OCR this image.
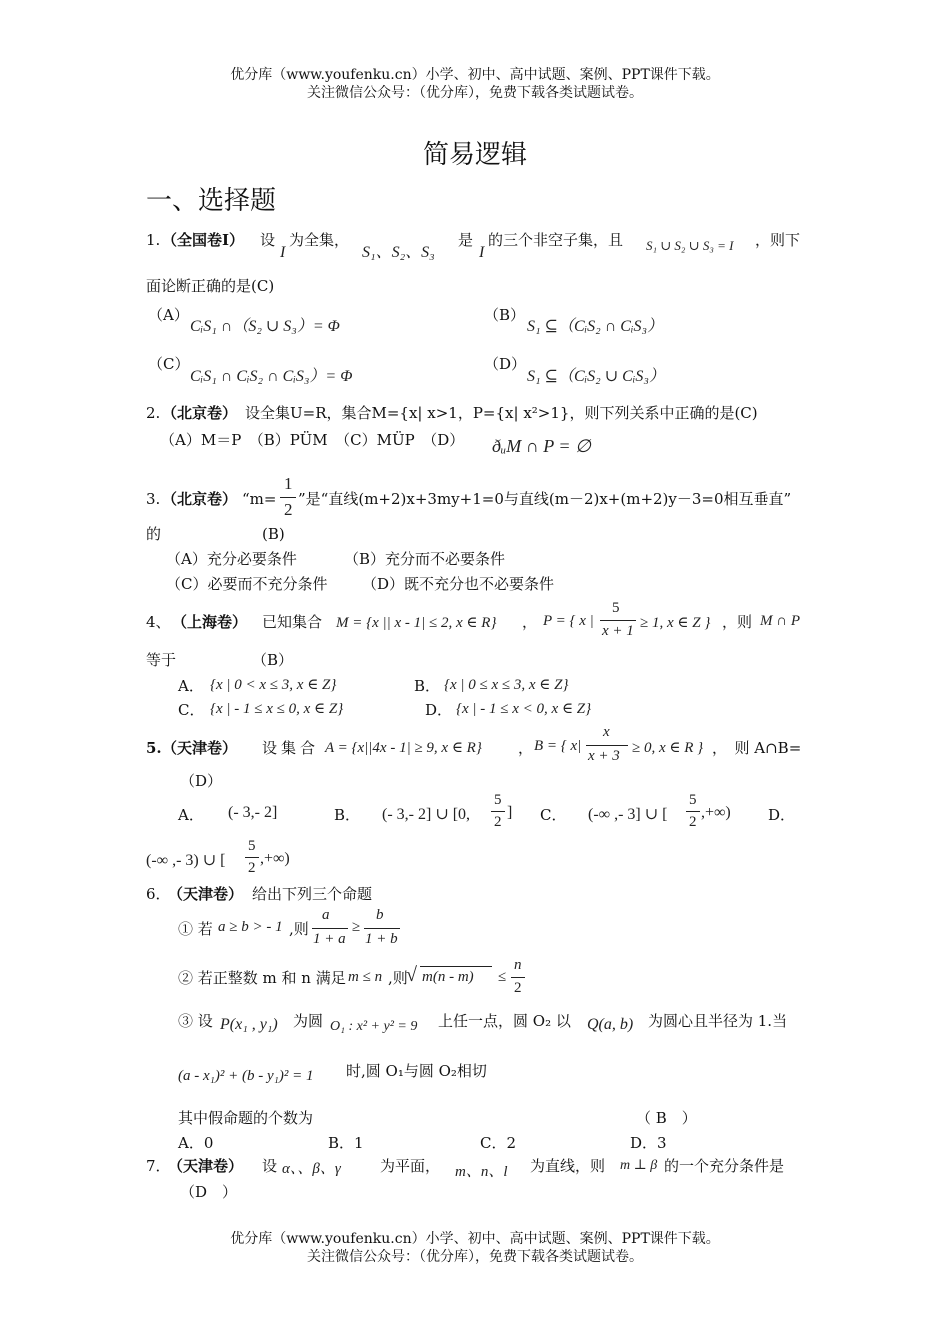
优分库（www.youfenku.cn）小学、初中、高中试题、案例、PPT课件下载。
关注微信公众号：（优分库），免费下载各类试题试卷。
简易逻辑
一、选择题
1. （全国卷Ⅰ） 设
I
为全集，
S₁、S₂、S₃
是
I
的三个非空子集，且 S₁ ∪ S₂ ∪ S₃ = I ，则下
面论断正确的是(C)
（A）
CᵢS₁ ∩（S₂ ∪ S₃）= Φ
（B）
S₁ ⊆（CᵢS₂ ∩ CᵢS₃）
（C）
CᵢS₁ ∩ CᵢS₂ ∩ CᵢS₃）= Φ
（D）
S₁ ⊆（CᵢS₂ ∪ CᵢS₃）
2. （北京卷） 设全集U=R，集合M={x| x>1，P={x| x²>1}，则下列关系中正确的是(C)
（A）M＝P　（B）PÜM　（C）MÜP　（D） ðᵤM ∩ P = ∅
3. （北京卷） “m=
1
2
”是“直线(m+2)x+3my+1=0与直线(m－2)x+(m+2)y－3=0相互垂直”
的	(B)
（A）充分必要条件	（B）充分而不必要条件
（C）必要而不充分条件 （D）既不充分也不必要条件
4、 （上海卷） 已知集合 M = {x || x - 1| ≤ 2, x ∈ R} ， P = { x |
5
x + 1 ≥ 1, x ∈ Z } ，则 M ∩ P
等于	（B）
A． {x | 0 < x ≤ 3, x ∈ Z}	B． {x | 0 ≤ x ≤ 3, x ∈ Z}
C． {x | - 1 ≤ x ≤ 0, x ∈ Z}	D． {x | - 1 ≤ x < 0, x ∈ Z}
5. （天津卷） 设集合 A = {x||4x - 1| ≥ 9, x ∈ R} ， B = { x|
x
x + 3 ≥ 0, x ∈ R } ，　则 A∩B=
（D）
A． (- 3,- 2]	B． (- 3,- 2] ∪ [0,
5
2
] C． (-∞ ,- 3] ∪ [
5
2
,+∞) D．
(-∞ ,- 3) ∪ [
5
2
,+∞)
6．
（天津卷） 给出下列三个命题
① 若 a ≥ b > - 1 ,则
a
1 + a
≥
b
1 + b
② 若正整数 m 和 n 满足 m ≤ n ,则
√ m(n - m) ≤
n
2
③ 设 P(x₁ , y₁) 为圆 O₁ : x² + y² = 9 上任一点，圆 O₂ 以 Q(a, b) 为圆心且半径为 1.当
(a - x₁)² + (b - y₁)² = 1 时,圆 O₁与圆 O₂相切
其中假命题的个数为	（ B　）
A．0	B．1	C．2	D．3
7．
（天津卷） 设 α、、β、γ	为平面， m、n、l 为直线，则 m ⊥ β 的一个充分条件是
（D　）
优分库（www.youfenku.cn）小学、初中、高中试题、案例、PPT课件下载。
关注微信公众号：（优分库），免费下载各类试题试卷。
